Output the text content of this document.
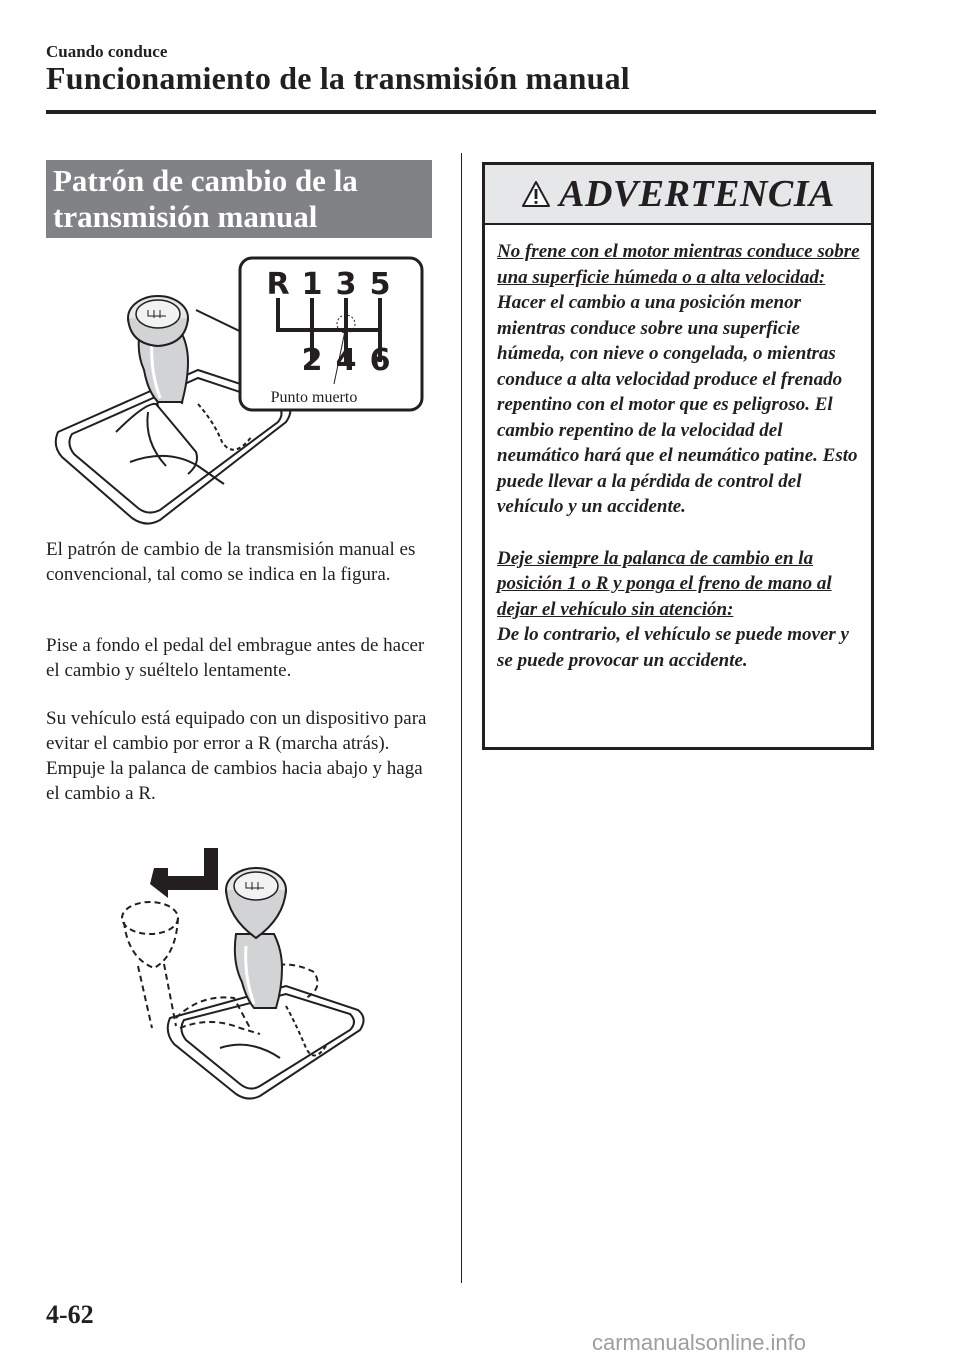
Cuando conduce
Funcionamiento de la transmisión manual
Patrón de cambio de la
transmisión manual
R 1 3 5
2 4 6
Punto muerto

El patrón de cambio de la transmisión manual es convencional, tal como se indica en la figura.

Pise a fondo el pedal del embrague antes de hacer el cambio y suéltelo lentamente.

Su vehículo está equipado con un dispositivo para evitar el cambio por error a R (marcha atrás). Empuje la palanca de cambios hacia abajo y haga el cambio a R.

ADVERTENCIA

No frene con el motor mientras conduce sobre una superficie húmeda o a alta velocidad:

Hacer el cambio a una posición menor mientras conduce sobre una superficie húmeda, con nieve o congelada, o mientras conduce a alta velocidad produce el frenado repentino con el motor que es peligroso. El cambio repentino de la velocidad del neumático hará que el neumático patine. Esto puede llevar a la pérdida de control del vehículo y un accidente.

Deje siempre la palanca de cambio en la posición 1 o R y ponga el freno de mano al dejar el vehículo sin atención:

De lo contrario, el vehículo se puede mover y se puede provocar un accidente.

4-62
carmanualsonline.info
